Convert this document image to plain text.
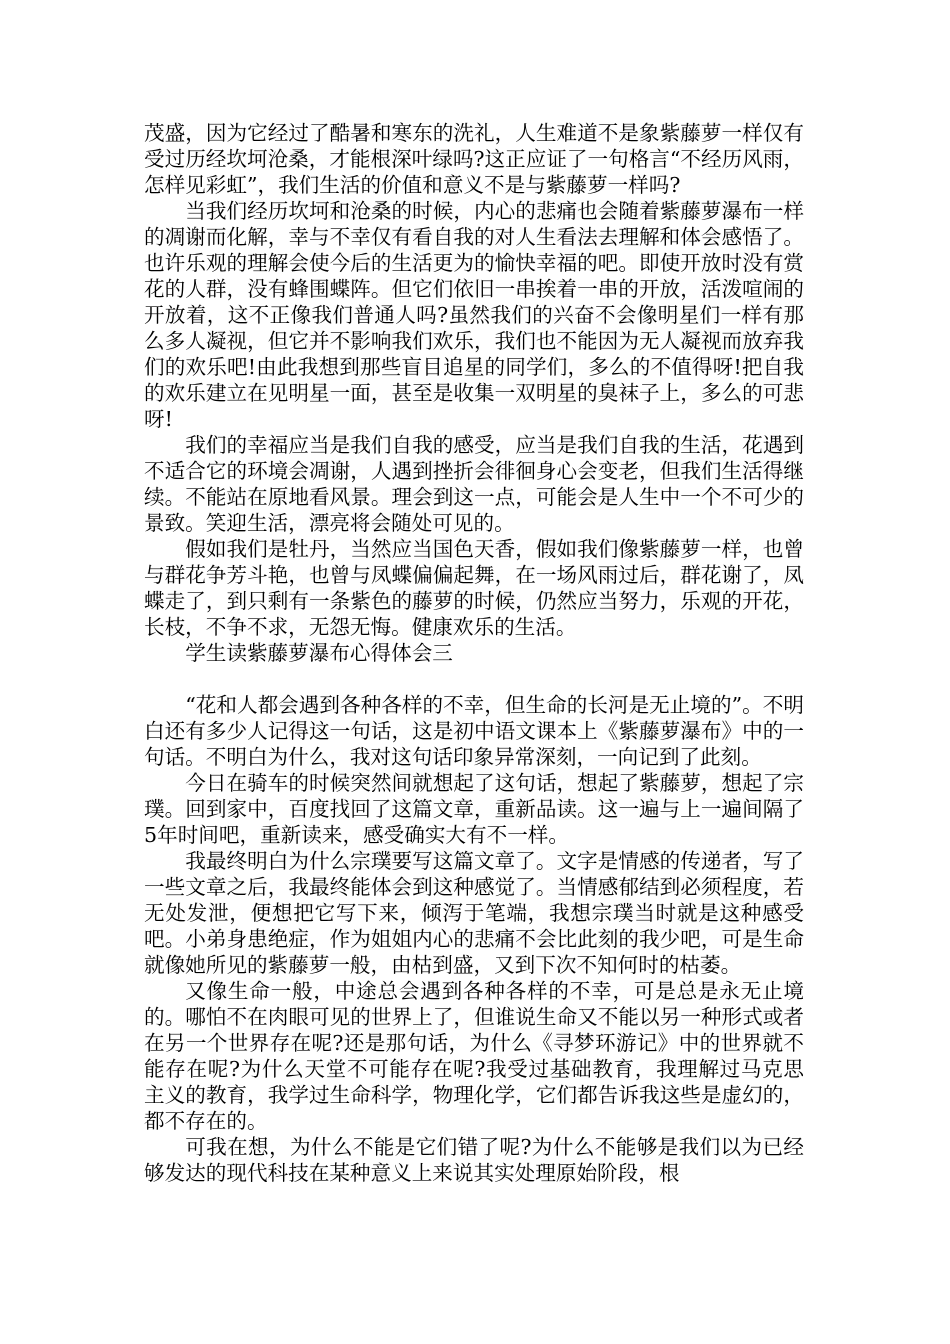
茂盛，因为它经过了酷暑和寒东的洗礼，人生难道不是象紫藤萝一样仅有受过历经坎坷沧桑，才能根深叶绿吗?这正应证了一句格言“不经历风雨，怎样见彩虹”，我们生活的价值和意义不是与紫藤萝一样吗?

当我们经历坎坷和沧桑的时候，内心的悲痛也会随着紫藤萝瀑布一样的凋谢而化解，幸与不幸仅有看自我的对人生看法去理解和体会感悟了。也许乐观的理解会使今后的生活更为的愉快幸福的吧。即使开放时没有赏花的人群，没有蜂围蝶阵。但它们依旧一串挨着一串的开放，活泼喧闹的开放着，这不正像我们普通人吗?虽然我们的兴奋不会像明星们一样有那么多人凝视，但它并不影响我们欢乐，我们也不能因为无人凝视而放弃我们的欢乐吧!由此我想到那些盲目追星的同学们，多么的不值得呀!把自我的欢乐建立在见明星一面，甚至是收集一双明星的臭袜子上，多么的可悲呀!

我们的幸福应当是我们自我的感受，应当是我们自我的生活，花遇到不适合它的环境会凋谢，人遇到挫折会徘徊身心会变老，但我们生活得继续。不能站在原地看风景。理会到这一点，可能会是人生中一个不可少的景致。笑迎生活，漂亮将会随处可见的。

假如我们是牡丹，当然应当国色天香，假如我们像紫藤萝一样，也曾与群花争芳斗艳，也曾与凤蝶偏偏起舞，在一场风雨过后，群花谢了，凤蝶走了，到只剩有一条紫色的藤萝的时候，仍然应当努力，乐观的开花，长枝，不争不求，无怨无悔。健康欢乐的生活。

学生读紫藤萝瀑布心得体会三

“花和人都会遇到各种各样的不幸，但生命的长河是无止境的”。不明白还有多少人记得这一句话，这是初中语文课本上《紫藤萝瀑布》中的一句话。不明白为什么，我对这句话印象异常深刻，一向记到了此刻。

今日在骑车的时候突然间就想起了这句话，想起了紫藤萝，想起了宗璞。回到家中，百度找回了这篇文章，重新品读。这一遍与上一遍间隔了5年时间吧，重新读来，感受确实大有不一样。

我最终明白为什么宗璞要写这篇文章了。文字是情感的传递者，写了一些文章之后，我最终能体会到这种感觉了。当情感郁结到必须程度，若无处发泄，便想把它写下来，倾泻于笔端，我想宗璞当时就是这种感受吧。小弟身患绝症，作为姐姐内心的悲痛不会比此刻的我少吧，可是生命就像她所见的紫藤萝一般，由枯到盛，又到下次不知何时的枯萎。

又像生命一般，中途总会遇到各种各样的不幸，可是总是永无止境的。哪怕不在肉眼可见的世界上了，但谁说生命又不能以另一种形式或者在另一个世界存在呢?还是那句话，为什么《寻梦环游记》中的世界就不能存在呢?为什么天堂不可能存在呢?我受过基础教育，我理解过马克思主义的教育，我学过生命科学，物理化学，它们都告诉我这些是虚幻的，都不存在的。

可我在想，为什么不能是它们错了呢?为什么不能够是我们以为已经够发达的现代科技在某种意义上来说其实处理原始阶段，根
